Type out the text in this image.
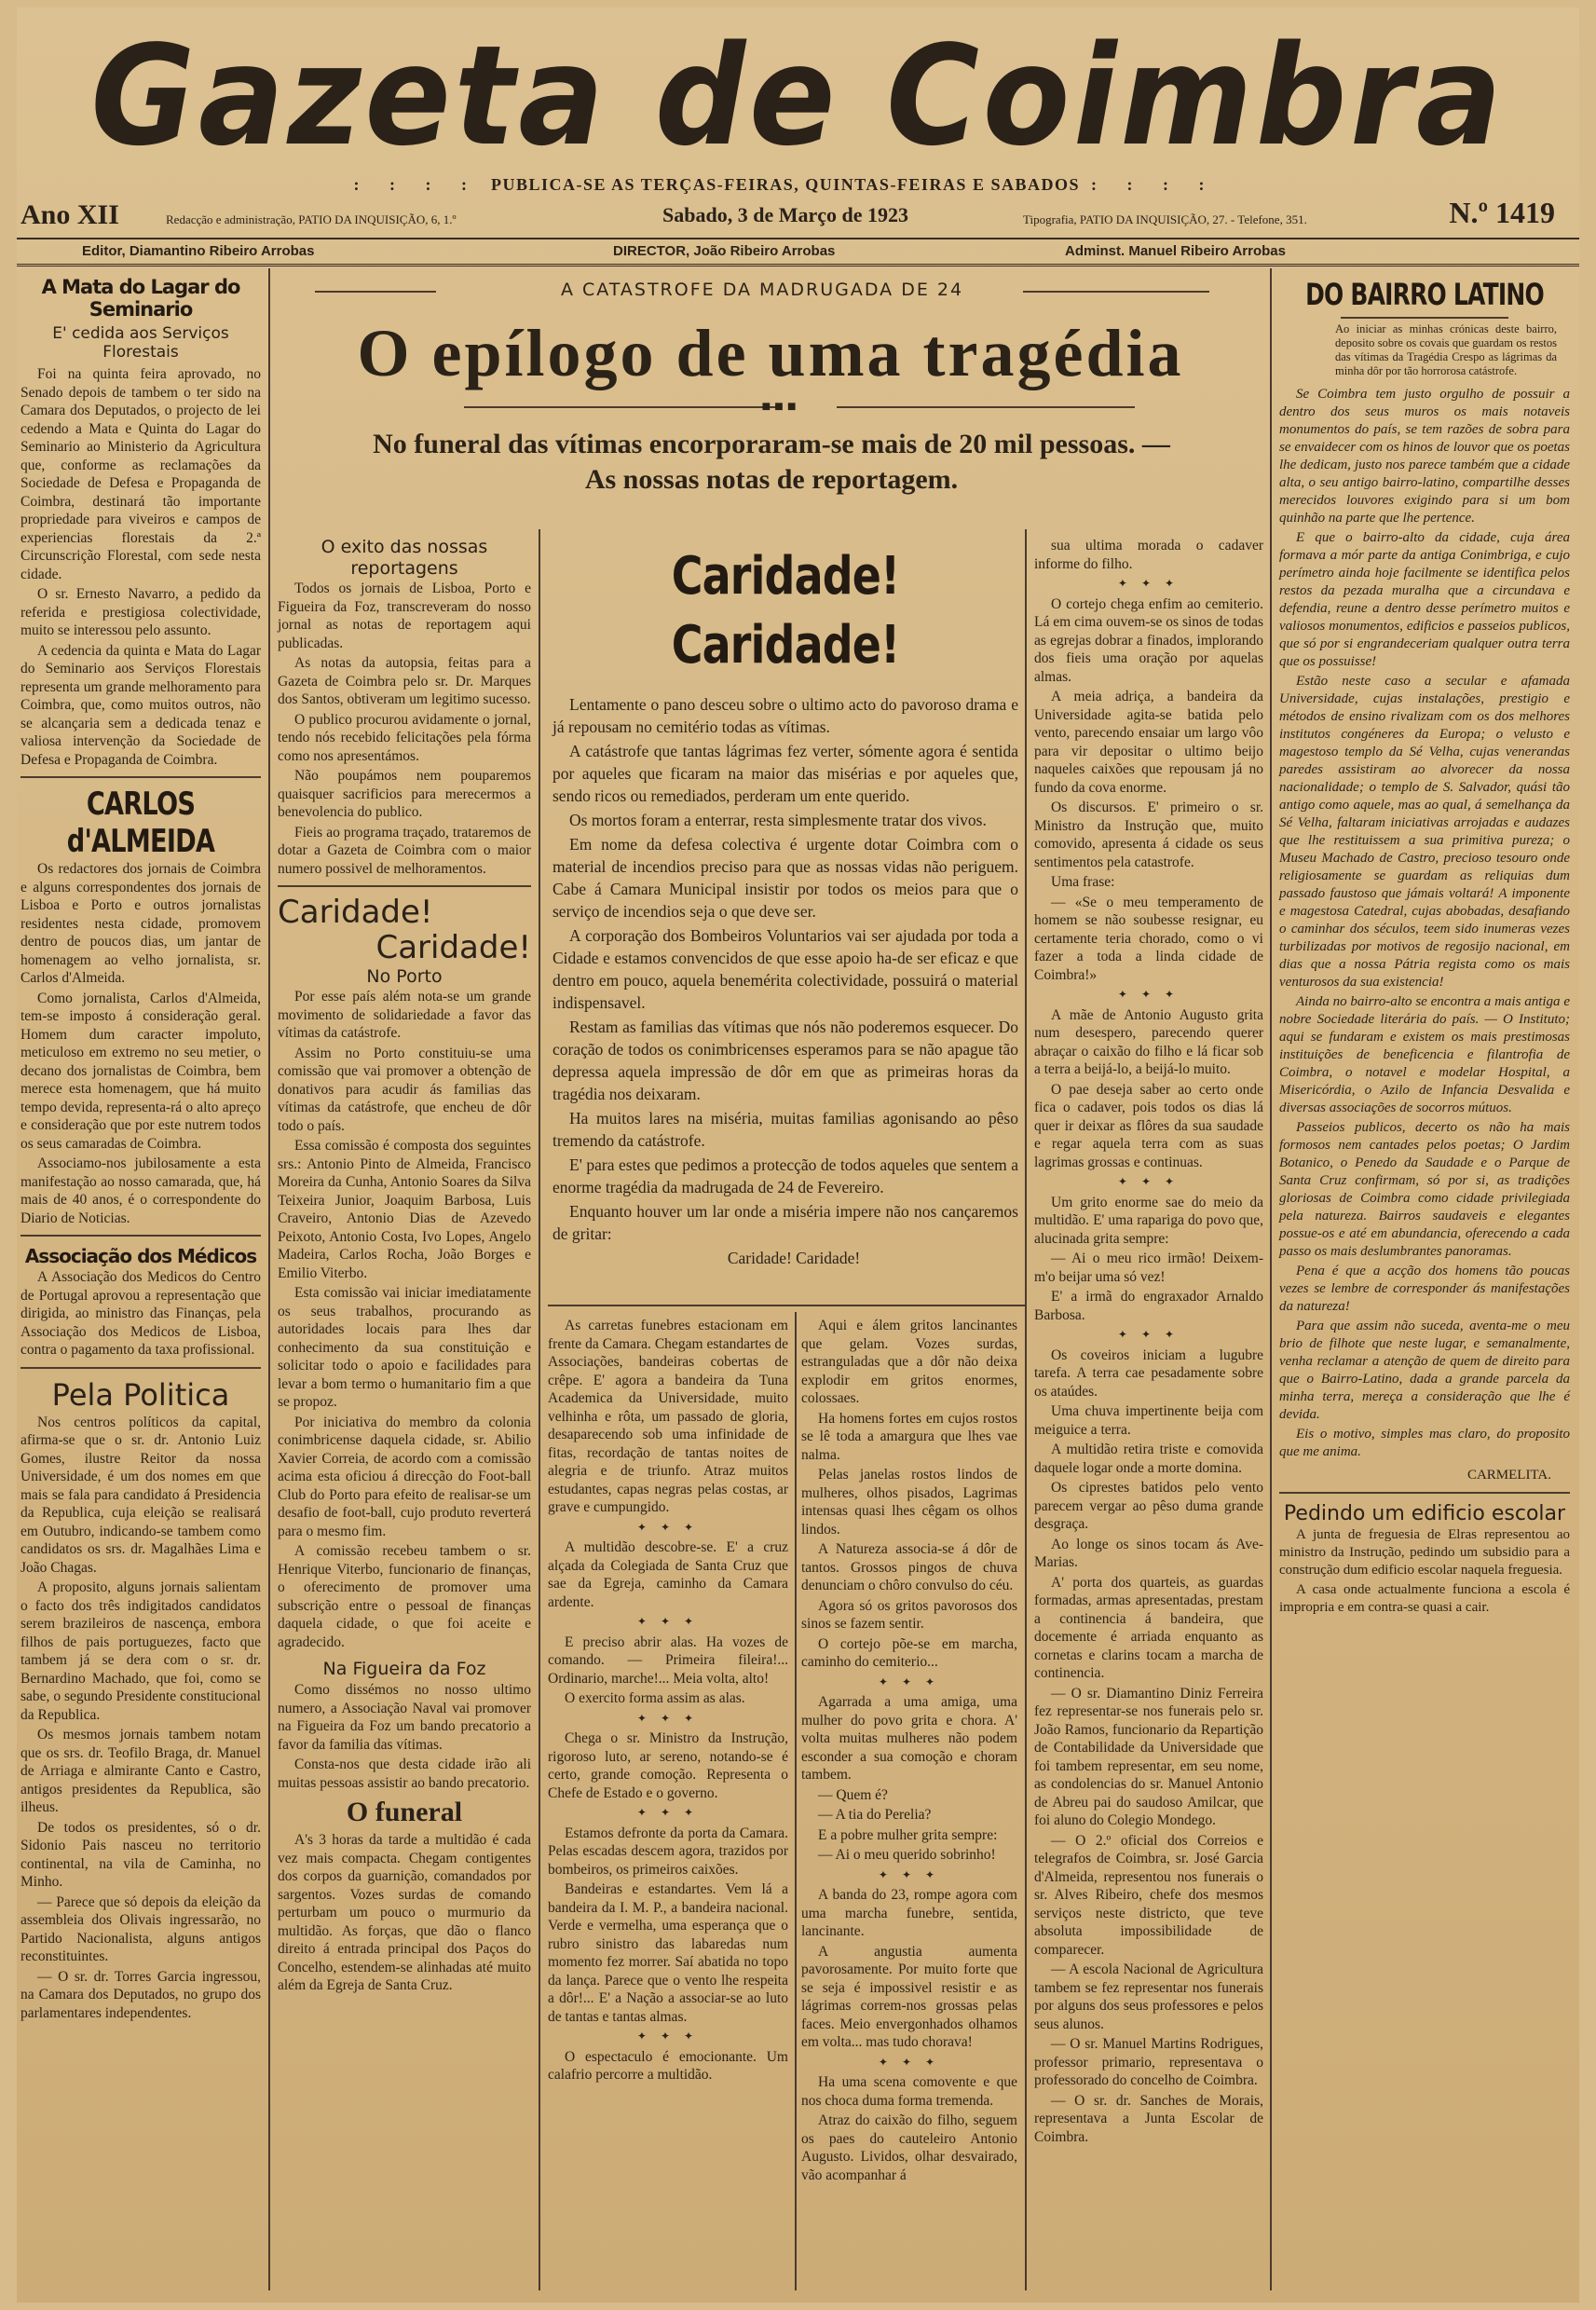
Gazeta de Coimbra
Ano XII
: : : : PUBLICA-SE AS TERÇAS-FEIRAS, QUINTAS-FEIRAS E SABADOS : : : :
Redacção e administração, PATIO DA INQUISIÇÃO, 6, 1.º	Sabado, 3 de Março de 1923	Tipografia, PATIO DA INQUISIÇÃO, 27. - Telefone, 351.	N.º 1419
Editor, Diamantino Ribeiro Arrobas	DIRECTOR, João Ribeiro Arrobas	Adminst. Manuel Ribeiro Arrobas
A Mata do Lagar do Seminario
E' cedida aos Serviços Florestais

Foi na quinta feira aprovado, no Senado depois de tambem o ter sido na Camara dos Deputados, o projecto de lei cedendo a Mata e Quinta do Lagar do Seminario ao Ministerio da Agricultura que, conforme as reclamações da Sociedade de Defesa e Propaganda de Coimbra, destinará tão importante propriedade para viveiros e campos de experiencias florestais da 2.ª Circunscrição Florestal, com sede nesta cidade.

O sr. Ernesto Navarro, a pedido da referida e prestigiosa colectividade, muito se interessou pelo assunto.

A cedencia da quinta e Mata do Lagar do Seminario aos Serviços Florestais representa um grande melhoramento para Coimbra, que, como muitos outros, não se alcançaria sem a dedicada tenaz e valiosa intervenção da Sociedade de Defesa e Propaganda de Coimbra.

CARLOS d'ALMEIDA

Os redactores dos jornais de Coimbra e alguns correspondentes dos jornais de Lisboa e Porto e outros jornalistas residentes nesta cidade, promovem dentro de poucos dias, um jantar de homenagem ao velho jornalista, sr. Carlos d'Almeida.

Como jornalista, Carlos d'Almeida, tem-se imposto á consideração geral. Homem dum caracter impoluto, meticuloso em extremo no seu metier, o decano dos jornalistas de Coimbra, bem merece esta homenagem, que há muito tempo devida, representa-rá o alto apreço e consideração que por este nutrem todos os seus camaradas de Coimbra.

Associamo-nos jubilosamente a esta manifestação ao nosso camarada, que, há mais de 40 anos, é o correspondente do Diario de Noticias.

Associação dos Médicos

A Associação dos Medicos do Centro de Portugal aprovou a representação que dirigida, ao ministro das Finanças, pela Associação dos Medicos de Lisboa, contra o pagamento da taxa profissional.

Pela Politica

Nos centros políticos da capital, afirma-se que o sr. dr. Antonio Luiz Gomes, ilustre Reitor da nossa Universidade, é um dos nomes em que mais se fala para candidato á Presidencia da Republica, cuja eleição se realisará em Outubro, indicando-se tambem como candidatos os srs. dr. Magalhães Lima e João Chagas.

A proposito, alguns jornais salientam o facto dos três indigitados candidatos serem brazileiros de nascença, embora filhos de pais portuguezes, facto que tambem já se dera com o sr. dr. Bernardino Machado, que foi, como se sabe, o segundo Presidente constitucional da Republica.

Os mesmos jornais tambem notam que os srs. dr. Teofilo Braga, dr. Manuel de Arriaga e almirante Canto e Castro, antigos presidentes da Republica, são ilheus.

De todos os presidentes, só o dr. Sidonio Pais nasceu no territorio continental, na vila de Caminha, no Minho.

— Parece que só depois da eleição da assembleia dos Olivais ingressarão, no Partido Nacionalista, alguns antigos reconstituintes.

— O sr. dr. Torres Garcia ingressou, na Camara dos Deputados, no grupo dos parlamentares independentes.

A CATASTROFE DA MADRUGADA DE 24
O epílogo de uma tragédia
■■■
No funeral das vítimas encorporaram-se mais de 20 mil pessoas. — As nossas notas de reportagem.
O exito das nossas reportagens

Todos os jornais de Lisboa, Porto e Figueira da Foz, transcreveram do nosso jornal as notas de reportagem aqui publicadas.

As notas da autopsia, feitas para a Gazeta de Coimbra pelo sr. Dr. Marques dos Santos, obtiveram um legitimo sucesso.

O publico procurou avidamente o jornal, tendo nós recebido felicitações pela fórma como nos apresentámos.

Não poupámos nem pouparemos quaisquer sacrificios para merecermos a benevolencia do publico.

Fieis ao programa traçado, trataremos de dotar a Gazeta de Coimbra com o maior numero possivel de melhoramentos.

Caridade!
Caridade!
No Porto

Por esse país além nota-se um grande movimento de solidariedade a favor das vítimas da catástrofe.

Assim no Porto constituiu-se uma comissão que vai promover a obtenção de donativos para acudir ás familias das vítimas da catástrofe, que encheu de dôr todo o país.

Essa comissão é composta dos seguintes srs.: Antonio Pinto de Almeida, Francisco Moreira da Cunha, Antonio Soares da Silva Teixeira Junior, Joaquim Barbosa, Luis Craveiro, Antonio Dias de Azevedo Peixoto, Antonio Costa, Ivo Lopes, Angelo Madeira, Carlos Rocha, João Borges e Emilio Viterbo.

Esta comissão vai iniciar imediatamente os seus trabalhos, procurando as autoridades locais para lhes dar conhecimento da sua constituição e solicitar todo o apoio e facilidades para levar a bom termo o humanitario fim a que se propoz.

Por iniciativa do membro da colonia conimbricense daquela cidade, sr. Abilio Xavier Correia, de acordo com a comissão acima esta oficiou á direcção do Foot-ball Club do Porto para efeito de realisar-se um desafio de foot-ball, cujo produto reverterá para o mesmo fim.

A comissão recebeu tambem o sr. Henrique Viterbo, funcionario de finanças, o oferecimento de promover uma subscrição entre o pessoal de finanças daquela cidade, o que foi aceite e agradecido.

Na Figueira da Foz

Como dissémos no nosso ultimo numero, a Associação Naval vai promover na Figueira da Foz um bando precatorio a favor da familia das vítimas.

Consta-nos que desta cidade irão ali muitas pessoas assistir ao bando precatorio.

O funeral

A's 3 horas da tarde a multidão é cada vez mais compacta. Chegam contigentes dos corpos da guarnição, comandados por sargentos. Vozes surdas de comando perturbam um pouco o murmurio da multidão. As forças, que dão o flanco direito á entrada principal dos Paços do Concelho, estendem-se alinhadas até muito além da Egreja de Santa Cruz.

Caridade! Caridade!

Lentamente o pano desceu sobre o ultimo acto do pavoroso drama e já repousam no cemitério todas as vítimas.

A catástrofe que tantas lágrimas fez verter, sómente agora é sentida por aqueles que ficaram na maior das misérias e por aqueles que, sendo ricos ou remediados, perderam um ente querido.

Os mortos foram a enterrar, resta simplesmente tratar dos vivos.

Em nome da defesa colectiva é urgente dotar Coimbra com o material de incendios preciso para que as nossas vidas não periguem. Cabe á Camara Municipal insistir por todos os meios para que o serviço de incendios seja o que deve ser.

A corporação dos Bombeiros Voluntarios vai ser ajudada por toda a Cidade e estamos convencidos de que esse apoio ha-de ser eficaz e que dentro em pouco, aquela benemérita colectividade, possuirá o material indispensavel.

Restam as familias das vítimas que nós não poderemos esquecer. Do coração de todos os conimbricenses esperamos para se não apague tão depressa aquela impressão de dôr em que as primeiras horas da tragédia nos deixaram.

Ha muitos lares na miséria, muitas familias agonisando ao pêso tremendo da catástrofe.

E' para estes que pedimos a protecção de todos aqueles que sentem a enorme tragédia da madrugada de 24 de Fevereiro.

Enquanto houver um lar onde a miséria impere não nos cançaremos de gritar:

Caridade! Caridade!

As carretas funebres estacionam em frente da Camara. Chegam estandartes de Associações, bandeiras cobertas de crêpe. E' agora a bandeira da Tuna Academica da Universidade, muito velhinha e rôta, um passado de gloria, desaparecendo sob uma infinidade de fitas, recordação de tantas noites de alegria e de triunfo. Atraz muitos estudantes, capas negras pelas costas, ar grave e cumpungido.

✦ ✦ ✦

A multidão descobre-se. E' a cruz alçada da Colegiada de Santa Cruz que sae da Egreja, caminho da Camara ardente.

✦ ✦ ✦

E preciso abrir alas. Ha vozes de comando. — Primeira fileira!... Ordinario, marche!... Meia volta, alto!

O exercito forma assim as alas.

✦ ✦ ✦

Chega o sr. Ministro da Instrução, rigoroso luto, ar sereno, notando-se é certo, grande comoção. Representa o Chefe de Estado e o governo.

✦ ✦ ✦

Estamos defronte da porta da Camara. Pelas escadas descem agora, trazidos por bombeiros, os primeiros caixões.

Bandeiras e estandartes. Vem lá a bandeira da I. M. P., a bandeira nacional. Verde e vermelha, uma esperança que o rubro sinistro das labaredas num momento fez morrer. Saí abatida no topo da lança. Parece que o vento lhe respeita a dôr!... E' a Nação a associar-se ao luto de tantas e tantas almas.

✦ ✦ ✦

O espectaculo é emocionante. Um calafrio percorre a multidão.

Aqui e álem gritos lancinantes que gelam. Vozes surdas, estranguladas que a dôr não deixa explodir em gritos enormes, colossaes.

Ha homens fortes em cujos rostos se lê toda a amargura que lhes vae nalma.

Pelas janelas rostos lindos de mulheres, olhos pisados, Lagrimas intensas quasi lhes cêgam os olhos lindos.

A Natureza associa-se á dôr de tantos. Grossos pingos de chuva denunciam o chôro convulso do céu.

Agora só os gritos pavorosos dos sinos se fazem sentir.

O cortejo põe-se em marcha, caminho do cemiterio...

✦ ✦ ✦

Agarrada a uma amiga, uma mulher do povo grita e chora. A' volta muitas mulheres não podem esconder a sua comoção e choram tambem.

— Quem é?

— A tia do Perelia?

E a pobre mulher grita sempre:

— Ai o meu querido sobrinho!

✦ ✦ ✦

A banda do 23, rompe agora com uma marcha funebre, sentida, lancinante.

A angustia aumenta pavorosamente. Por muito forte que se seja é impossivel resistir e as lágrimas correm-nos grossas pelas faces. Meio envergonhados olhamos em volta... mas tudo chorava!

✦ ✦ ✦

Ha uma scena comovente e que nos choca duma forma tremenda.

Atraz do caixão do filho, seguem os paes do cauteleiro Antonio Augusto. Lividos, olhar desvairado, vão acompanhar á

sua ultima morada o cadaver informe do filho.

✦ ✦ ✦

O cortejo chega enfim ao cemiterio. Lá em cima ouvem-se os sinos de todas as egrejas dobrar a finados, implorando dos fieis uma oração por aquelas almas.

A meia adriça, a bandeira da Universidade agita-se batida pelo vento, parecendo ensaiar um largo vôo para vir depositar o ultimo beijo naqueles caixões que repousam já no fundo da cova enorme.

Os discursos. E' primeiro o sr. Ministro da Instrução que, muito comovido, apresenta á cidade os seus sentimentos pela catastrofe.

Uma frase:

— «Se o meu temperamento de homem se não soubesse resignar, eu certamente teria chorado, como o vi fazer a toda a linda cidade de Coimbra!»

✦ ✦ ✦

A mãe de Antonio Augusto grita num desespero, parecendo querer abraçar o caixão do filho e lá ficar sob a terra a beijá-lo, a beijá-lo muito.

O pae deseja saber ao certo onde fica o cadaver, pois todos os dias lá quer ir deixar as flôres da sua saudade e regar aquela terra com as suas lagrimas grossas e continuas.

✦ ✦ ✦

Um grito enorme sae do meio da multidão. E' uma rapariga do povo que, alucinada grita sempre:

— Ai o meu rico irmão! Deixem-m'o beijar uma só vez!

E' a irmã do engraxador Arnaldo Barbosa.

✦ ✦ ✦

Os coveiros iniciam a lugubre tarefa. A terra cae pesadamente sobre os ataúdes.

Uma chuva impertinente beija com meiguice a terra.

A multidão retira triste e comovida daquele logar onde a morte domina.

Os ciprestes batidos pelo vento parecem vergar ao pêso duma grande desgraça.

Ao longe os sinos tocam ás Ave-Marias.

A' porta dos quarteis, as guardas formadas, armas apresentadas, prestam a continencia á bandeira, que docemente é arriada enquanto as cornetas e clarins tocam a marcha de continencia.

— O sr. Diamantino Diniz Ferreira fez representar-se nos funerais pelo sr. João Ramos, funcionario da Repartição de Contabilidade da Universidade que foi tambem representar, em seu nome, as condolencias do sr. Manuel Antonio de Abreu pai do saudoso Amilcar, que foi aluno do Colegio Mondego.

— O 2.º oficial dos Correios e telegrafos de Coimbra, sr. José Garcia d'Almeida, representou nos funerais o sr. Alves Ribeiro, chefe dos mesmos serviços neste districto, que teve absoluta impossibilidade de comparecer.

— A escola Nacional de Agricultura tambem se fez representar nos funerais por alguns dos seus professores e pelos seus alunos.

— O sr. Manuel Martins Rodrigues, professor primario, representava o professorado do concelho de Coimbra.

— O sr. dr. Sanches de Morais, representava a Junta Escolar de Coimbra.

DO BAIRRO LATINO
Ao iniciar as minhas crónicas deste bairro, deposito sobre os covais que guardam os restos das vítimas da Tragédia Crespo as lágrimas da minha dôr por tão horrorosa catástrofe.

Se Coimbra tem justo orgulho de possuir a dentro dos seus muros os mais notaveis monumentos do país, se tem razões de sobra para se envaidecer com os hinos de louvor que os poetas lhe dedicam, justo nos parece também que a cidade alta, o seu antigo bairro-latino, compartilhe desses merecidos louvores exigindo para si um bom quinhão na parte que lhe pertence.

E que o bairro-alto da cidade, cuja área formava a mór parte da antiga Conimbriga, e cujo perímetro ainda hoje facilmente se identifica pelos restos da pezada muralha que a circundava e defendia, reune a dentro desse perímetro muitos e valiosos monumentos, edificios e passeios publicos, que só por si engrandeceriam qualquer outra terra que os possuisse!

Estão neste caso a secular e afamada Universidade, cujas instalações, prestigio e métodos de ensino rivalizam com os dos melhores institutos congéneres da Europa; o velusto e magestoso templo da Sé Velha, cujas venerandas paredes assistiram ao alvorecer da nossa nacionalidade; o templo de S. Salvador, quási tão antigo como aquele, mas ao qual, á semelhança da Sé Velha, faltaram iniciativas arrojadas e audazes que lhe restituissem a sua primitiva pureza; o Museu Machado de Castro, precioso tesouro onde religiosamente se guardam as reliquias dum passado faustoso que jámais voltará! A imponente e magestosa Catedral, cujas abobadas, desafiando o caminhar dos séculos, teem sido inumeras vezes turbilizadas por motivos de regosijo nacional, em dias que a nossa Pátria regista como os mais venturosos da sua existencia!

Ainda no bairro-alto se encontra a mais antiga e nobre Sociedade literária do país. — O Instituto; aqui se fundaram e existem os mais prestimosas instituições de beneficencia e filantrofia de Coimbra, o notavel e modelar Hospital, a Misericórdia, o Azilo de Infancia Desvalida e diversas associações de socorros mútuos.

Passeios publicos, decerto os não ha mais formosos nem cantades pelos poetas; O Jardim Botanico, o Penedo da Saudade e o Parque de Santa Cruz confirmam, só por si, as tradições gloriosas de Coimbra como cidade privilegiada pela natureza. Bairros saudaveis e elegantes possue-os e até em abundancia, oferecendo a cada passo os mais deslumbrantes panoramas.

Pena é que a acção dos homens tão poucas vezes se lembre de corresponder ás manifestações da natureza!

Para que assim não suceda, aventa-me o meu brio de filhote que neste lugar, e semanalmente, venha reclamar a atenção de quem de direito para que o Bairro-Latino, dada a grande parcela da minha terra, mereça a consideração que lhe é devida.

Eis o motivo, simples mas claro, do proposito que me anima.

CARMELITA.
Pedindo um edificio escolar

A junta de freguesia de Elras representou ao ministro da Instrução, pedindo um subsidio para a construção dum edificio escolar naquela freguesia.

A casa onde actualmente funciona a escola é impropria e em contra-se quasi a cair.
